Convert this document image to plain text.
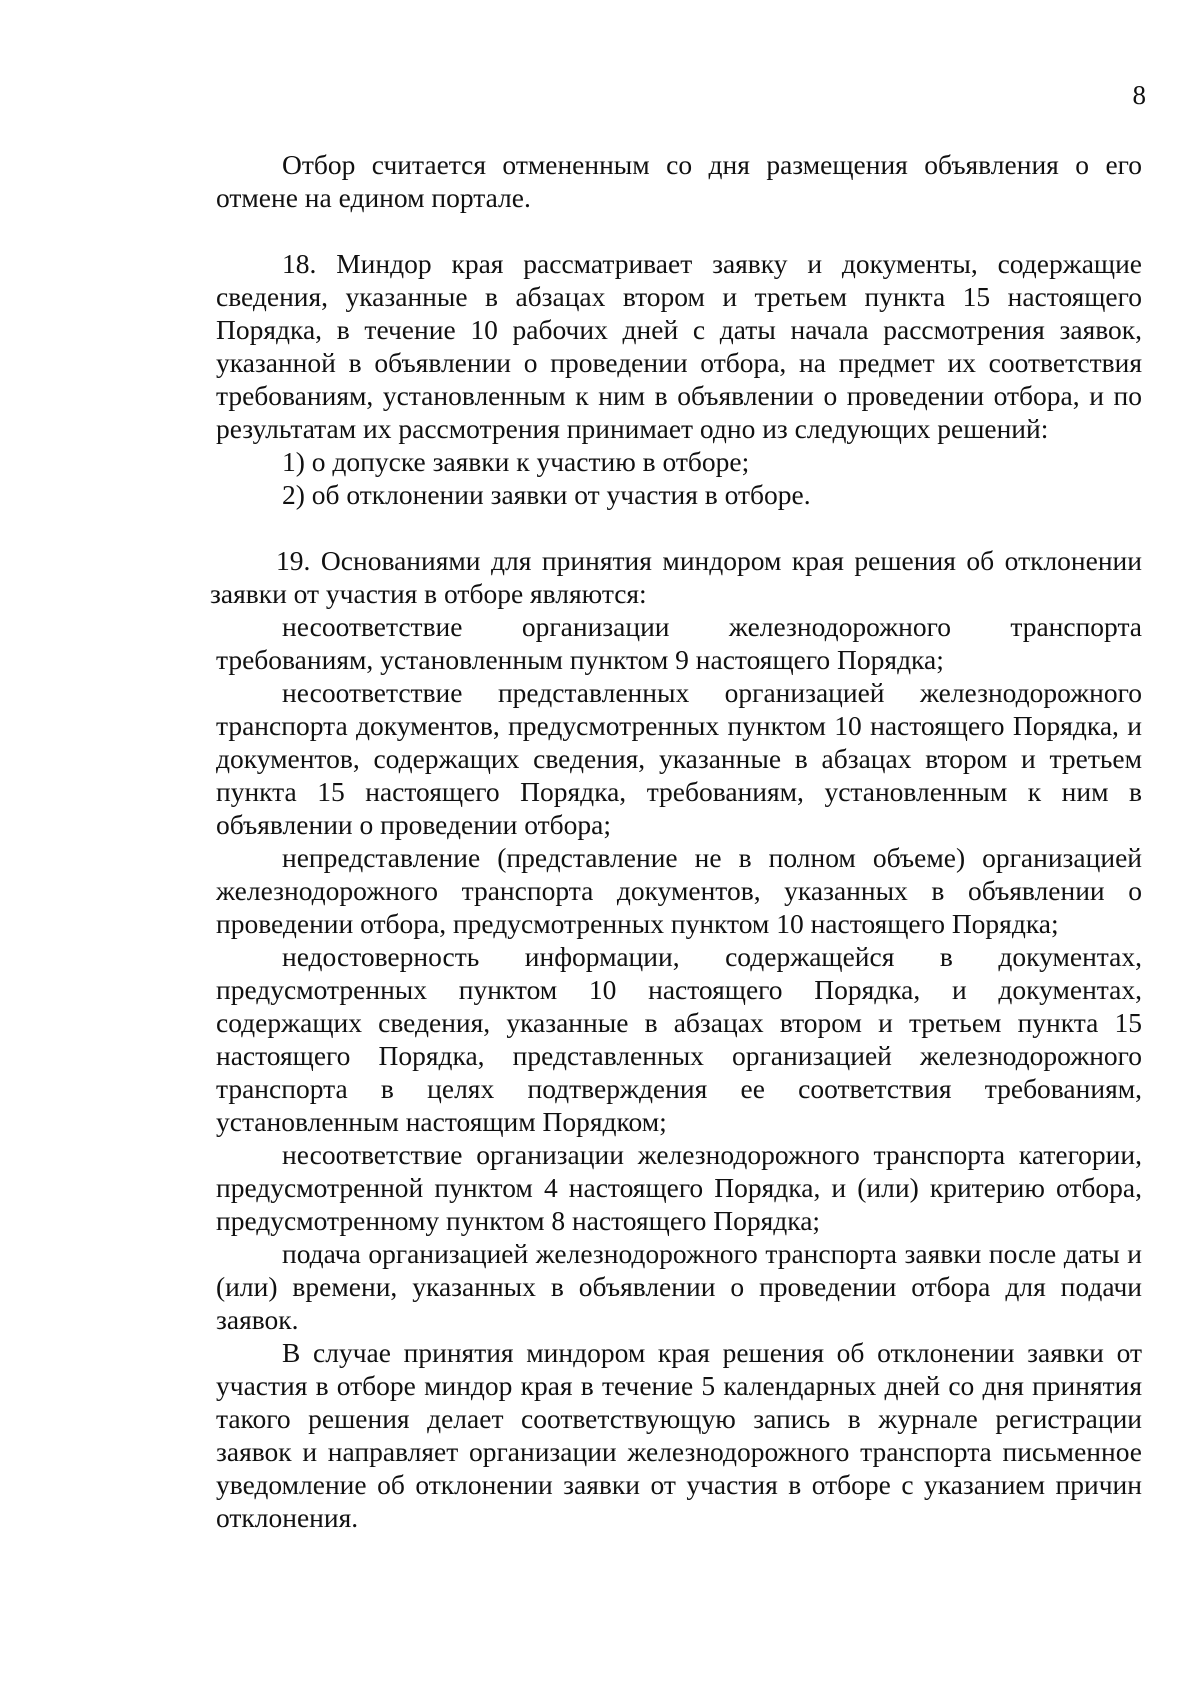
8

Отбор считается отмененным со дня размещения объявления о его отмене на едином портале.

18. Миндор края рассматривает заявку и документы, содержащие сведения, указанные в абзацах втором и третьем пункта 15 настоящего Порядка, в течение 10 рабочих дней с даты начала рассмотрения заявок, указанной в объявлении о проведении отбора, на предмет их соответствия требованиям, установленным к ним в объявлении о проведении отбора, и по результатам их рассмотрения принимает одно из следующих решений:

1) о допуске заявки к участию в отборе;

2) об отклонении заявки от участия в отборе.

19. Основаниями для принятия миндором края решения об отклонении заявки от участия в отборе являются:

несоответствие организации железнодорожного транспорта требованиям, установленным пунктом 9 настоящего Порядка;

несоответствие представленных организацией железнодорожного транспорта документов, предусмотренных пунктом 10 настоящего Порядка, и документов, содержащих сведения, указанные в абзацах втором и третьем пункта 15 настоящего Порядка, требованиям, установленным к ним в объявлении о проведении отбора;

непредставление (представление не в полном объеме) организацией железнодорожного транспорта документов, указанных в объявлении о проведении отбора, предусмотренных пунктом 10 настоящего Порядка;

недостоверность информации, содержащейся в документах, предусмотренных пунктом 10 настоящего Порядка, и документах, содержащих сведения, указанные в абзацах втором и третьем пункта 15 настоящего Порядка, представленных организацией железнодорожного транспорта в целях подтверждения ее соответствия требованиям, установленным настоящим Порядком;

несоответствие организации железнодорожного транспорта категории, предусмотренной пунктом 4 настоящего Порядка, и (или) критерию отбора, предусмотренному пунктом 8 настоящего Порядка;

подача организацией железнодорожного транспорта заявки после даты и (или) времени, указанных в объявлении о проведении отбора для подачи заявок.

В случае принятия миндором края решения об отклонении заявки от участия в отборе миндор края в течение 5 календарных дней со дня принятия такого решения делает соответствующую запись в журнале регистрации заявок и направляет организации железнодорожного транспорта письменное уведомление об отклонении заявки от участия в отборе с указанием причин отклонения.
